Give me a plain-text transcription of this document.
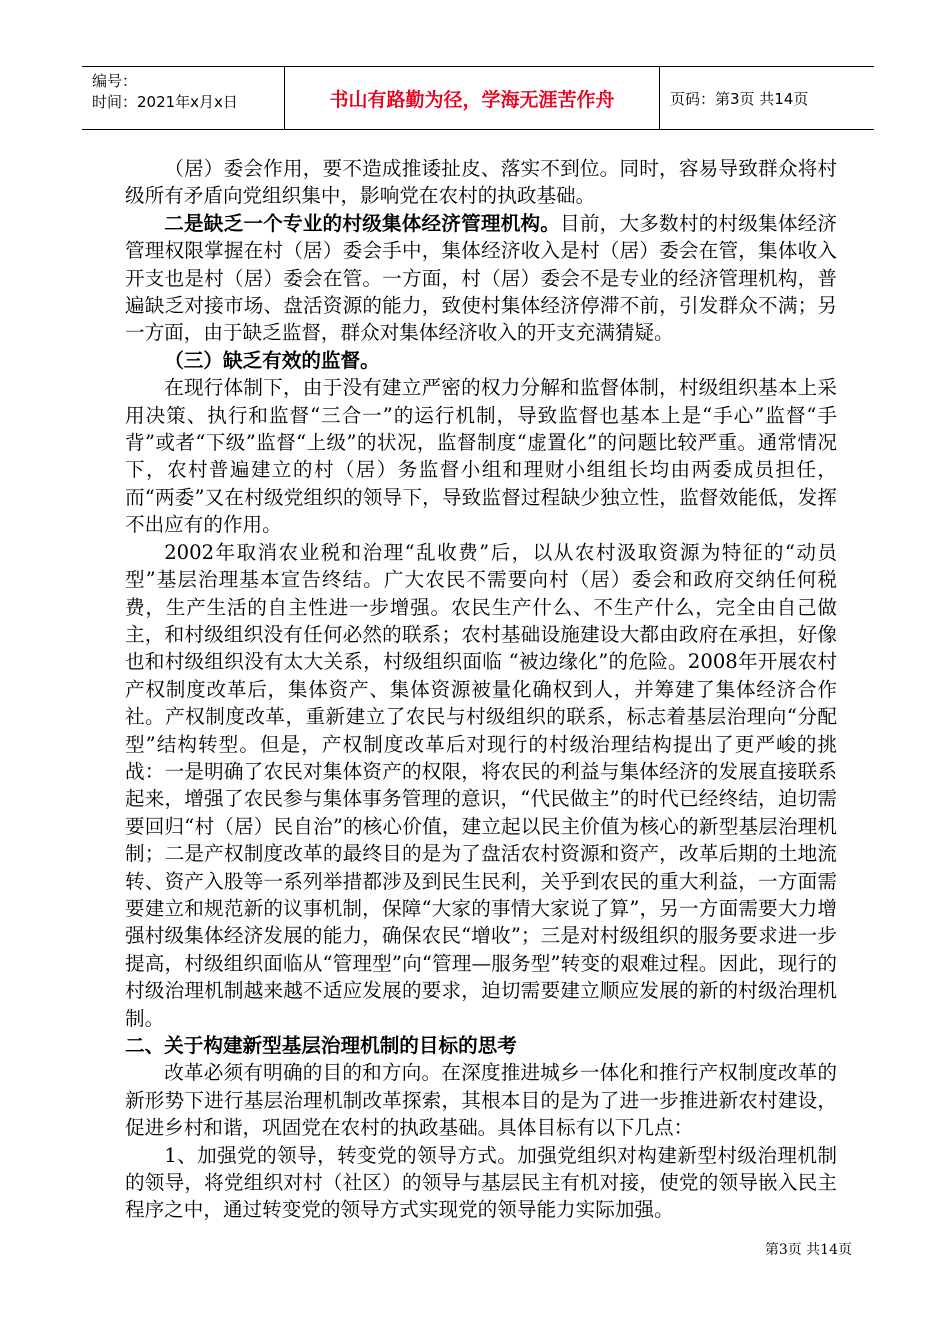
编号：
时间：2021年x月x日	书山有路勤为径，学海无涯苦作舟	页码：第3页 共14页

（居）委会作用，要不造成推诿扯皮、落实不到位。同时，容易导致群众将村级所有矛盾向党组织集中，影响党在农村的执政基础。

二是缺乏一个专业的村级集体经济管理机构。目前，大多数村的村级集体经济管理权限掌握在村（居）委会手中，集体经济收入是村（居）委会在管，集体收入开支也是村（居）委会在管。一方面，村（居）委会不是专业的经济管理机构，普遍缺乏对接市场、盘活资源的能力，致使村集体经济停滞不前，引发群众不满；另一方面，由于缺乏监督，群众对集体经济收入的开支充满猜疑。

（三）缺乏有效的监督。

在现行体制下，由于没有建立严密的权力分解和监督体制，村级组织基本上采用决策、执行和监督“三合一”的运行机制，导致监督也基本上是“手心”监督“手背”或者“下级”监督“上级”的状况，监督制度“虚置化”的问题比较严重。通常情况下，农村普遍建立的村（居）务监督小组和理财小组组长均由两委成员担任，而“两委”又在村级党组织的领导下，导致监督过程缺少独立性，监督效能低，发挥不出应有的作用。

2002年取消农业税和治理“乱收费”后，以从农村汲取资源为特征的“动员型”基层治理基本宣告终结。广大农民不需要向村（居）委会和政府交纳任何税费，生产生活的自主性进一步增强。农民生产什么、不生产什么，完全由自己做主，和村级组织没有任何必然的联系；农村基础设施建设大都由政府在承担，好像也和村级组织没有太大关系，村级组织面临 “被边缘化”的危险。2008年开展农村产权制度改革后，集体资产、集体资源被量化确权到人，并筹建了集体经济合作社。产权制度改革，重新建立了农民与村级组织的联系，标志着基层治理向“分配型”结构转型。但是，产权制度改革后对现行的村级治理结构提出了更严峻的挑战：一是明确了农民对集体资产的权限，将农民的利益与集体经济的发展直接联系起来，增强了农民参与集体事务管理的意识，“代民做主”的时代已经终结，迫切需要回归“村（居）民自治”的核心价值，建立起以民主价值为核心的新型基层治理机制；二是产权制度改革的最终目的是为了盘活农村资源和资产，改革后期的土地流转、资产入股等一系列举措都涉及到民生民利，关乎到农民的重大利益，一方面需要建立和规范新的议事机制，保障“大家的事情大家说了算”，另一方面需要大力增强村级集体经济发展的能力，确保农民“增收”；三是对村级组织的服务要求进一步提高，村级组织面临从“管理型”向“管理—服务型”转变的艰难过程。因此，现行的村级治理机制越来越不适应发展的要求，迫切需要建立顺应发展的新的村级治理机制。

二、关于构建新型基层治理机制的目标的思考

改革必须有明确的目的和方向。在深度推进城乡一体化和推行产权制度改革的新形势下进行基层治理机制改革探索，其根本目的是为了进一步推进新农村建设，促进乡村和谐，巩固党在农村的执政基础。具体目标有以下几点：

1、加强党的领导，转变党的领导方式。加强党组织对构建新型村级治理机制的领导，将党组织对村（社区）的领导与基层民主有机对接，使党的领导嵌入民主程序之中，通过转变党的领导方式实现党的领导能力实际加强。

第3页 共14页
